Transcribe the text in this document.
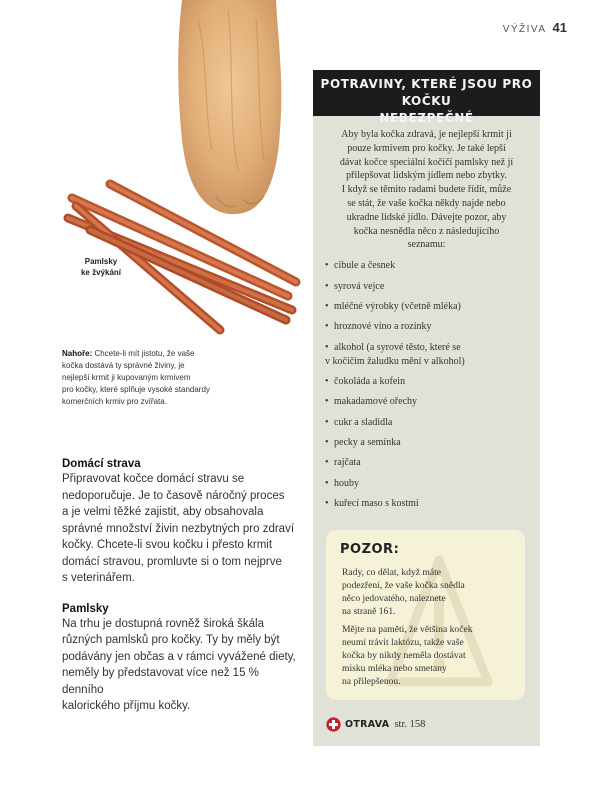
VÝŽIVA 41
Pamlsky
ke žvýkání
Nahoře: Chcete-li mít jistotu, že vaše
kočka dostává ty správné živiny, je
nejlepší krmit ji kupovaným krmivem
pro kočky, které splňuje vysoké standardy
komerčních krmiv pro zvířata.
Domácí strava

Připravovat kočce domácí stravu se
nedoporučuje. Je to časově náročný proces
a je velmi těžké zajistit, aby obsahovala
správné množství živin nezbytných pro zdraví
kočky. Chcete-li svou kočku i přesto krmit
domácí stravou, promluvte si o tom nejprve
s veterinářem.

Pamlsky

Na trhu je dostupná rovněž široká škála
různých pamlsků pro kočky. Ty by měly být
podávány jen občas a v rámci vyvážené diety,
neměly by představovat více než 15 % denního
kalorického příjmu kočky.

POTRAVINY, KTERÉ JSOU PRO KOČKU
NEBEZPEČNÉ
Aby byla kočka zdravá, je nejlepší krmit ji
pouze krmivem pro kočky. Je také lepší
dávat kočce speciální kočičí pamlsky než jí
přilepšovat lidským jídlem nebo zbytky.
I když se těmito radami budete řídit, může
se stát, že vaše kočka někdy najde nebo
ukradne lidské jídlo. Dávejte pozor, aby
kočka nesnědla něco z následujícího
seznamu:
• cibule a česnek
• syrová vejce
• mléčné výrobky (včetně mléka)
• hroznové víno a rozinky
• alkohol (a syrové těsto, které se
v kočičím žaludku mění v alkohol)
• čokoláda a kofein
• makadamové ořechy
• cukr a sladidla
• pecky a semínka
• rajčata
• houby
• kuřecí maso s kostmi
POZOR:

Rady, co dělat, když máte
podezření, že vaše kočka snědla
něco jedovatého, naleznete
na straně 161.

Mějte na paměti, že většina koček
neumí trávit laktózu, takže vaše
kočka by nikdy neměla dostávat
misku mléka nebo smetany
na přilepšenou.

OTRAVA str. 158
